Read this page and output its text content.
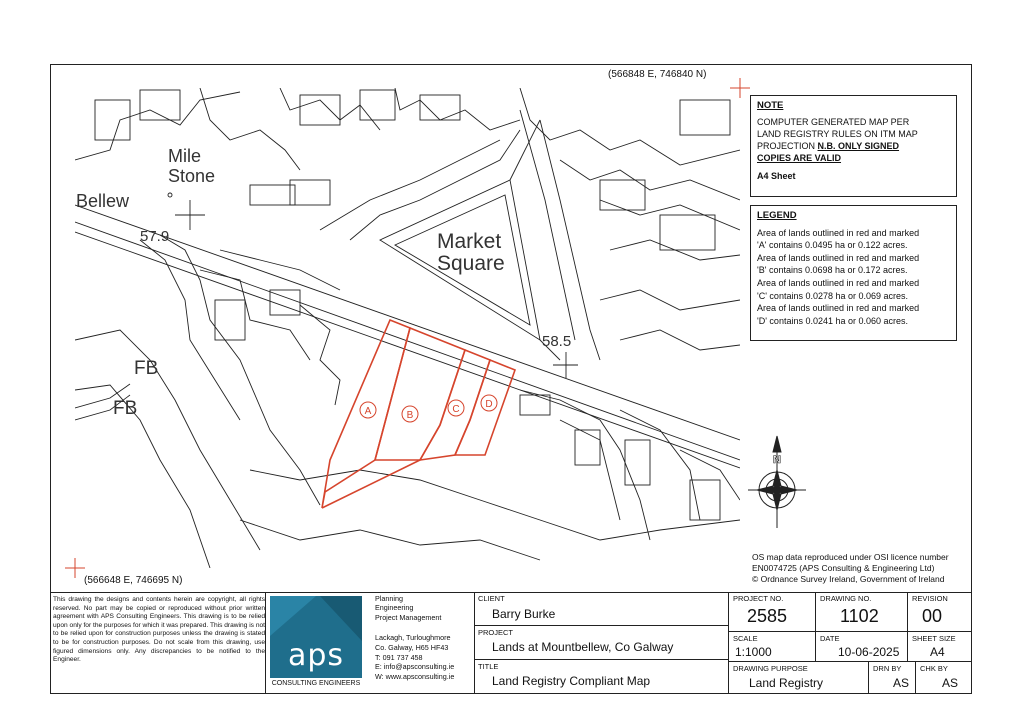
(566848 E, 746840 N)
(566648 E, 746695 N)
Mile
Stone
Bellew
57.9	Market
Square
58.5
FB
FB	A	B
C	D
N
NOTE
COMPUTER GENERATED MAP PER
LAND REGISTRY RULES ON ITM MAP
PROJECTION N.B. ONLY SIGNED
COPIES ARE VALID
A4 Sheet
LEGEND
Area of lands outlined in red and marked
'A' contains 0.0495 ha or 0.122 acres.
Area of lands outlined in red and marked
'B' contains 0.0698 ha or 0.172 acres.
Area of lands outlined in red and marked
'C' contains 0.0278 ha or 0.069 acres.
Area of lands outlined in red and marked
'D' contains 0.0241 ha or 0.060 acres.
OS map data reproduced under OSI licence number
EN0074725 (APS Consulting & Engineering Ltd)
© Ordnance Survey Ireland, Government of Ireland
This drawing the designs and contents herein are copyright, all rights reserved. No part may be copied or reproduced without prior written agreement with APS Consulting Engineers. This drawing is to be relied upon only for the purposes for which it was prepared. This drawing is not to be relied upon for construction purposes unless the drawing is stated to be for construction purposes. Do not scale from this drawing, use figured dimensions only. Any discrepancies to be notified to the Engineer.	aps
CONSULTING ENGINEERS
Planning
Engineering
Project Management
Lackagh, Turloughmore
Co. Galway, H65 HF43
T: 091 737 458
E: info@apsconsulting.ie
W: www.apsconsulting.ie
CLIENT
Barry Burke
PROJECT
Lands at Mountbellew, Co Galway
TITLE
Land Registry Compliant Map
PROJECT NO.
2585
DRAWING NO.
1102
REVISION
00
SCALE
1:1000
DATE
10-06-2025
SHEET SIZE
A4
DRAWING PURPOSE
Land Registry
DRN BY
AS
CHK BY
AS
